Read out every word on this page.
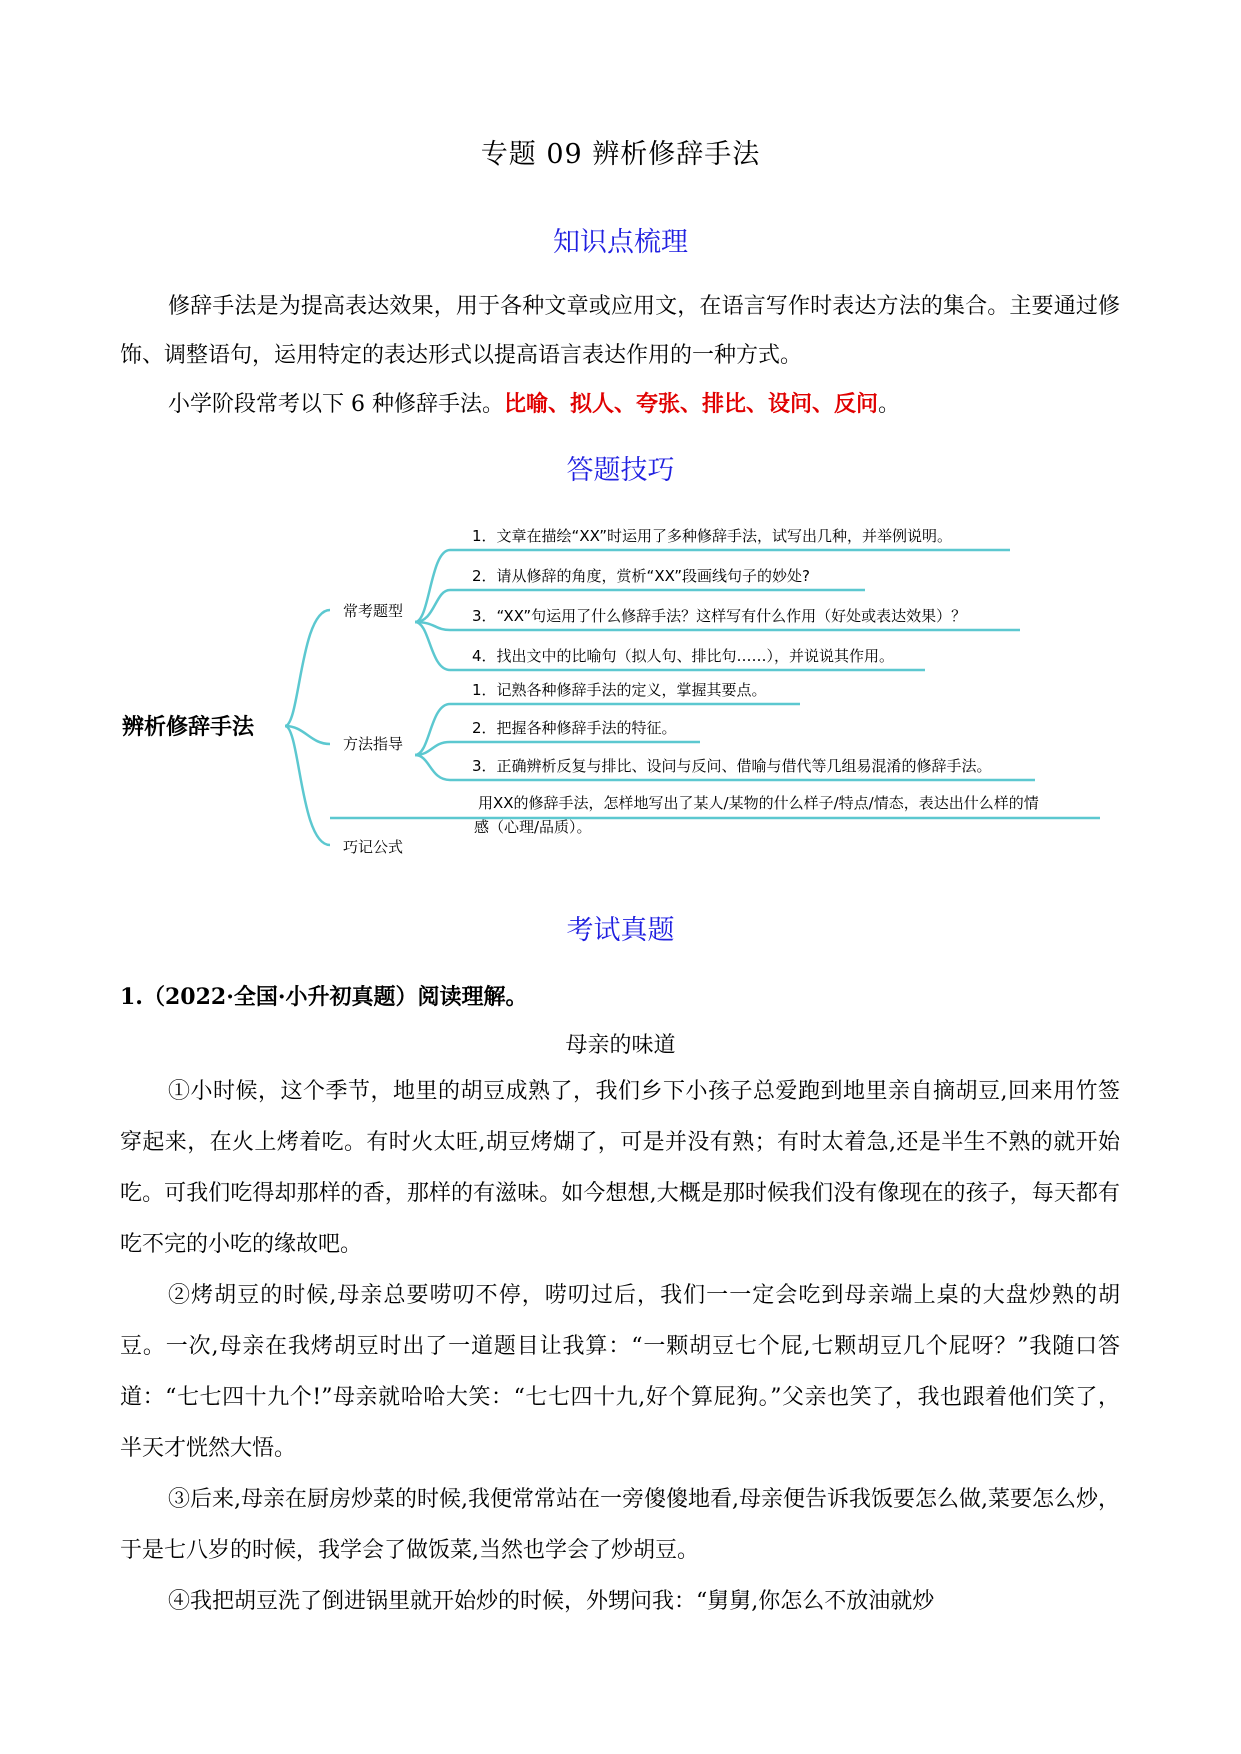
专题 09 辨析修辞手法
知识点梳理
修辞手法是为提高表达效果，用于各种文章或应用文，在语言写作时表达方法的集合。主要通过修饰、调整语句，运用特定的表达形式以提高语言表达作用的一种方式。
小学阶段常考以下 6 种修辞手法。比喻、拟人、夸张、排比、设问、反问。
答题技巧
辨析修辞手法
常考题型
方法指导
巧记公式
1．文章在描绘“XX”时运用了多种修辞手法，试写出几种，并举例说明。
2．请从修辞的角度，赏析“XX”段画线句子的妙处?
3．“XX”句运用了什么修辞手法？这样写有什么作用（好处或表达效果）？
4．找出文中的比喻句（拟人句、排比句……），并说说其作用。
1．记熟各种修辞手法的定义，掌握其要点。
2．把握各种修辞手法的特征。
3．正确辨析反复与排比、设问与反问、借喻与借代等几组易混淆的修辞手法。
用XX的修辞手法，怎样地写出了某人/某物的什么样子/特点/情态，表达出什么样的情
感（心理/品质）。
考试真题
1.（2022·全国·小升初真题）阅读理解。
母亲的味道
①小时候，这个季节，地里的胡豆成熟了，我们乡下小孩子总爱跑到地里亲自摘胡豆,回来用竹签穿起来，在火上烤着吃。有时火太旺,胡豆烤煳了，可是并没有熟；有时太着急,还是半生不熟的就开始吃。可我们吃得却那样的香，那样的有滋味。如今想想,大概是那时候我们没有像现在的孩子，每天都有吃不完的小吃的缘故吧。
②烤胡豆的时候,母亲总要唠叨不停，唠叨过后，我们一一定会吃到母亲端上桌的大盘炒熟的胡豆。一次,母亲在我烤胡豆时出了一道题目让我算：“一颗胡豆七个屁,七颗胡豆几个屁呀？”我随口答道：“七七四十九个!”母亲就哈哈大笑：“七七四十九,好个算屁狗。”父亲也笑了，我也跟着他们笑了， 半天才恍然大悟。
③后来,母亲在厨房炒菜的时候,我便常常站在一旁傻傻地看,母亲便告诉我饭要怎么做,菜要怎么炒，于是七八岁的时候，我学会了做饭菜,当然也学会了炒胡豆。
④我把胡豆洗了倒进锅里就开始炒的时候，外甥问我：“舅舅,你怎么不放油就炒
